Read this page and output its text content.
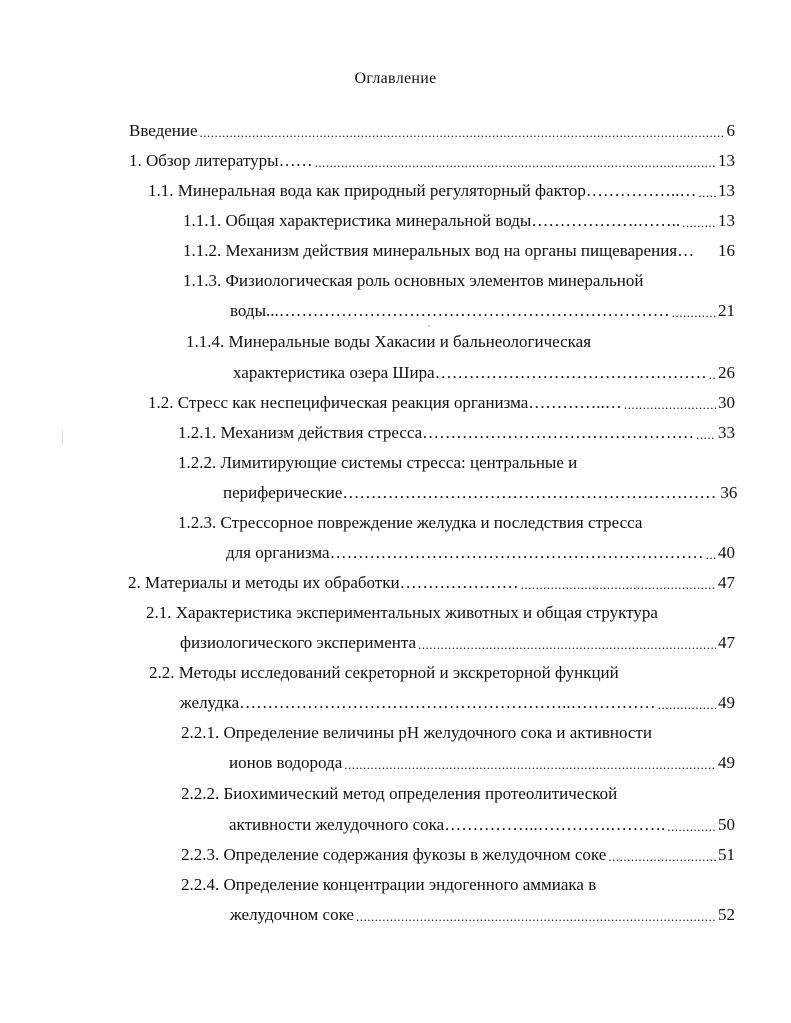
Оглавление
Введение .....	6
1. Обзор литературы…… .....	13
1.1. Минеральная вода как природный регуляторный фактор……………..… ..... 13
1.1.1. Общая характеристика минеральной воды……………….…….. ..... 13
1.1.2. Механизм действия минеральных вод на органы пищеварения… 16
1.1.3. Физиологическая роль основных элементов минеральной
воды...…………………………………………………………… .....	21
1.1.4. Минеральные воды Хакасии и бальнеологическая
характеристика озера Шира………………………………………… ..... 26
1.2. Стресс как неспецифическая реакция организма…………..… .....	30
1.2.1. Механизм действия стресса………………………………………… ..... 33
1.2.2. Лимитирующие системы стресса: центральные и
периферические………………………………………………………… 36
1.2.3. Стрессорное повреждение желудка и последствия стресса
для организма………………………………………………………… ..... 40
2. Материалы и методы их обработки………………… .....	47
2.1. Характеристика экспериментальных животных и общая структура
физиологического эксперимента .....	47
2.2. Методы исследований секреторной и экскреторной функций
желудка…………………………………………………..…………… .....	49
2.2.1. Определение величины pH желудочного сока и активности
ионов водорода .....	49
2.2.2. Биохимический метод определения протеолитической
активности желудочного сока……………..………….………. .....	50
2.2.3. Определение содержания фукозы в желудочном соке .....	51
2.2.4. Определение концентрации эндогенного аммиака в
желудочном соке .....	52
